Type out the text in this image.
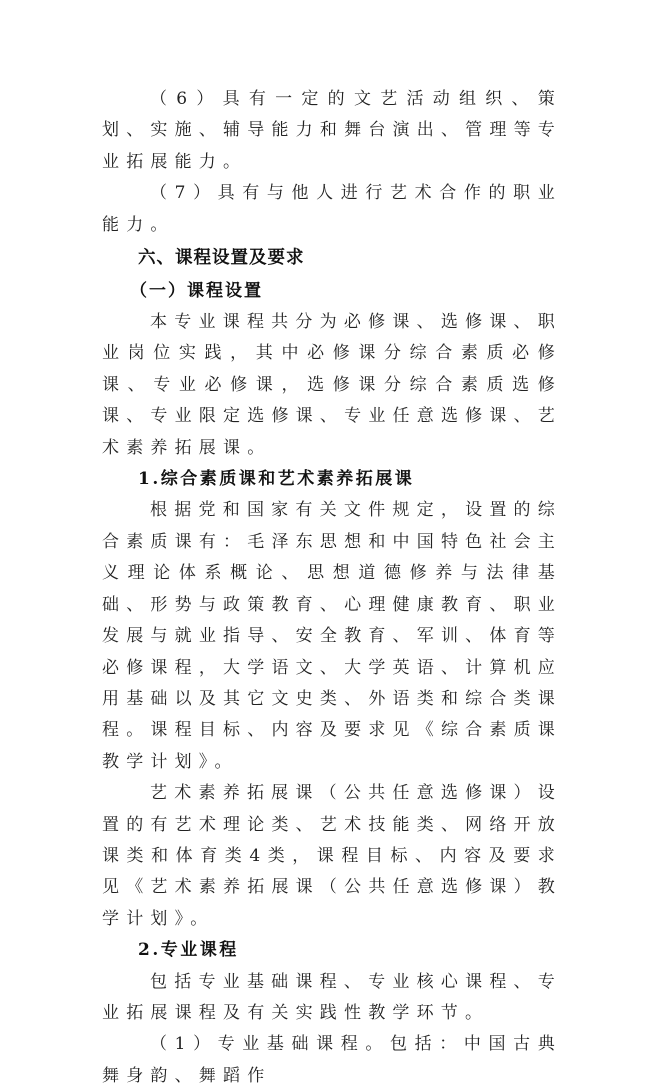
（6）具有一定的文艺活动组织、策划、实施、辅导能力和舞台演出、管理等专业拓展能力。
（7）具有与他人进行艺术合作的职业能力。
六、课程设置及要求
（一）课程设置
本专业课程共分为必修课、选修课、职业岗位实践，其中必修课分综合素质必修课、专业必修课，选修课分综合素质选修课、专业限定选修课、专业任意选修课、艺术素养拓展课。
1.综合素质课和艺术素养拓展课
根据党和国家有关文件规定，设置的综合素质课有：毛泽东思想和中国特色社会主义理论体系概论、思想道德修养与法律基础、形势与政策教育、心理健康教育、职业发展与就业指导、安全教育、军训、体育等必修课程，大学语文、大学英语、计算机应用基础以及其它文史类、外语类和综合类课程。课程目标、内容及要求见《综合素质课教学计划》。
艺术素养拓展课（公共任意选修课）设置的有艺术理论类、艺术技能类、网络开放课类和体育类4类，课程目标、内容及要求见《艺术素养拓展课（公共任意选修课）教学计划》。
2.专业课程
包括专业基础课程、专业核心课程、专业拓展课程及有关实践性教学环节。
（1）专业基础课程。包括：中国古典舞身韵、舞蹈作
